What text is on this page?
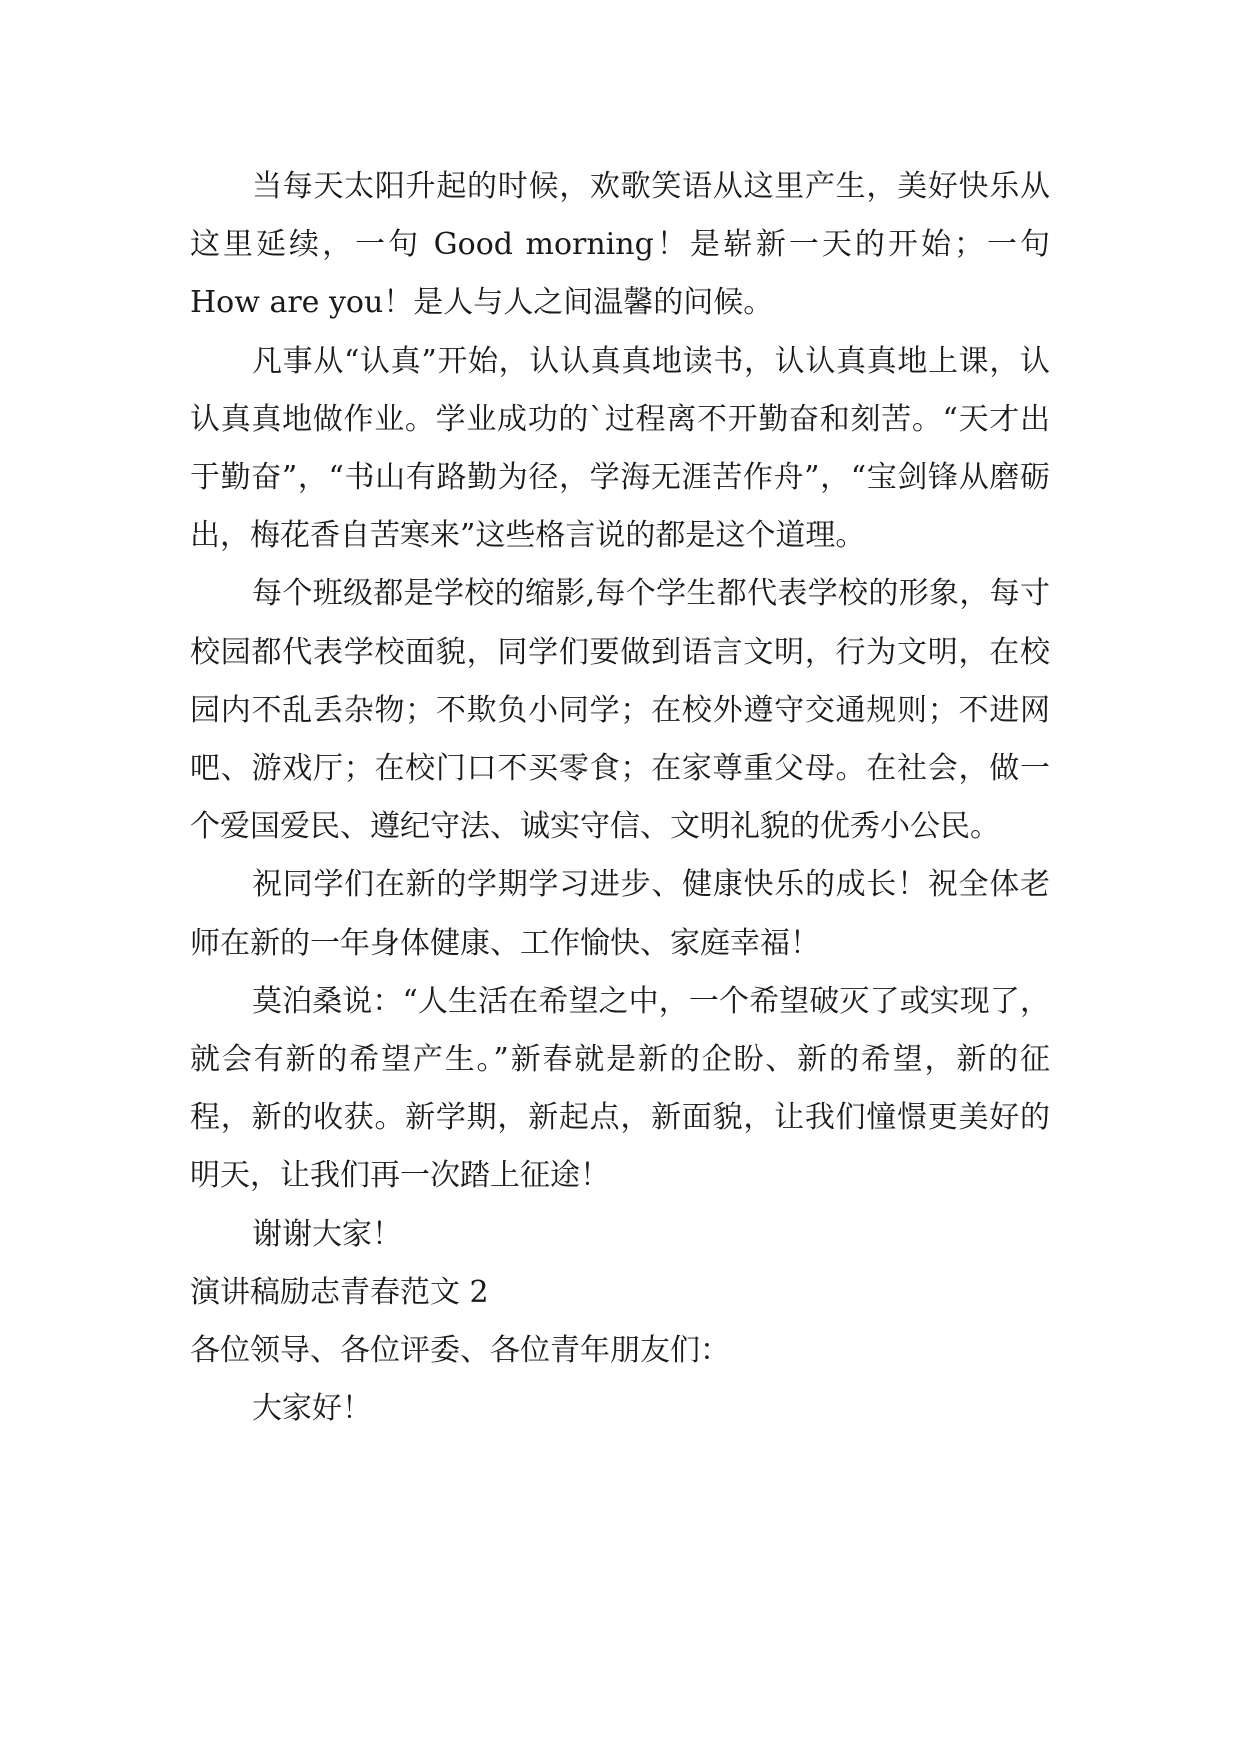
当每天太阳升起的时候，欢歌笑语从这里产生，美好快乐从这里延续，一句 Good morning！是崭新一天的开始；一句 How are you！是人与人之间温馨的问候。

凡事从“认真”开始，认认真真地读书，认认真真地上课，认认真真地做作业。学业成功的`过程离不开勤奋和刻苦。“天才出于勤奋”，“书山有路勤为径，学海无涯苦作舟”，“宝剑锋从磨砺出，梅花香自苦寒来”这些格言说的都是这个道理。

每个班级都是学校的缩影,每个学生都代表学校的形象，每寸校园都代表学校面貌，同学们要做到语言文明，行为文明，在校园内不乱丢杂物；不欺负小同学；在校外遵守交通规则；不进网吧、游戏厅；在校门口不买零食；在家尊重父母。在社会，做一个爱国爱民、遵纪守法、诚实守信、文明礼貌的优秀小公民。

祝同学们在新的学期学习进步、健康快乐的成长！祝全体老师在新的一年身体健康、工作愉快、家庭幸福！

莫泊桑说：“人生活在希望之中，一个希望破灭了或实现了，就会有新的希望产生。”新春就是新的企盼、新的希望，新的征程，新的收获。新学期，新起点，新面貌，让我们憧憬更美好的明天，让我们再一次踏上征途！

谢谢大家！

演讲稿励志青春范文 2

各位领导、各位评委、各位青年朋友们：

大家好！
